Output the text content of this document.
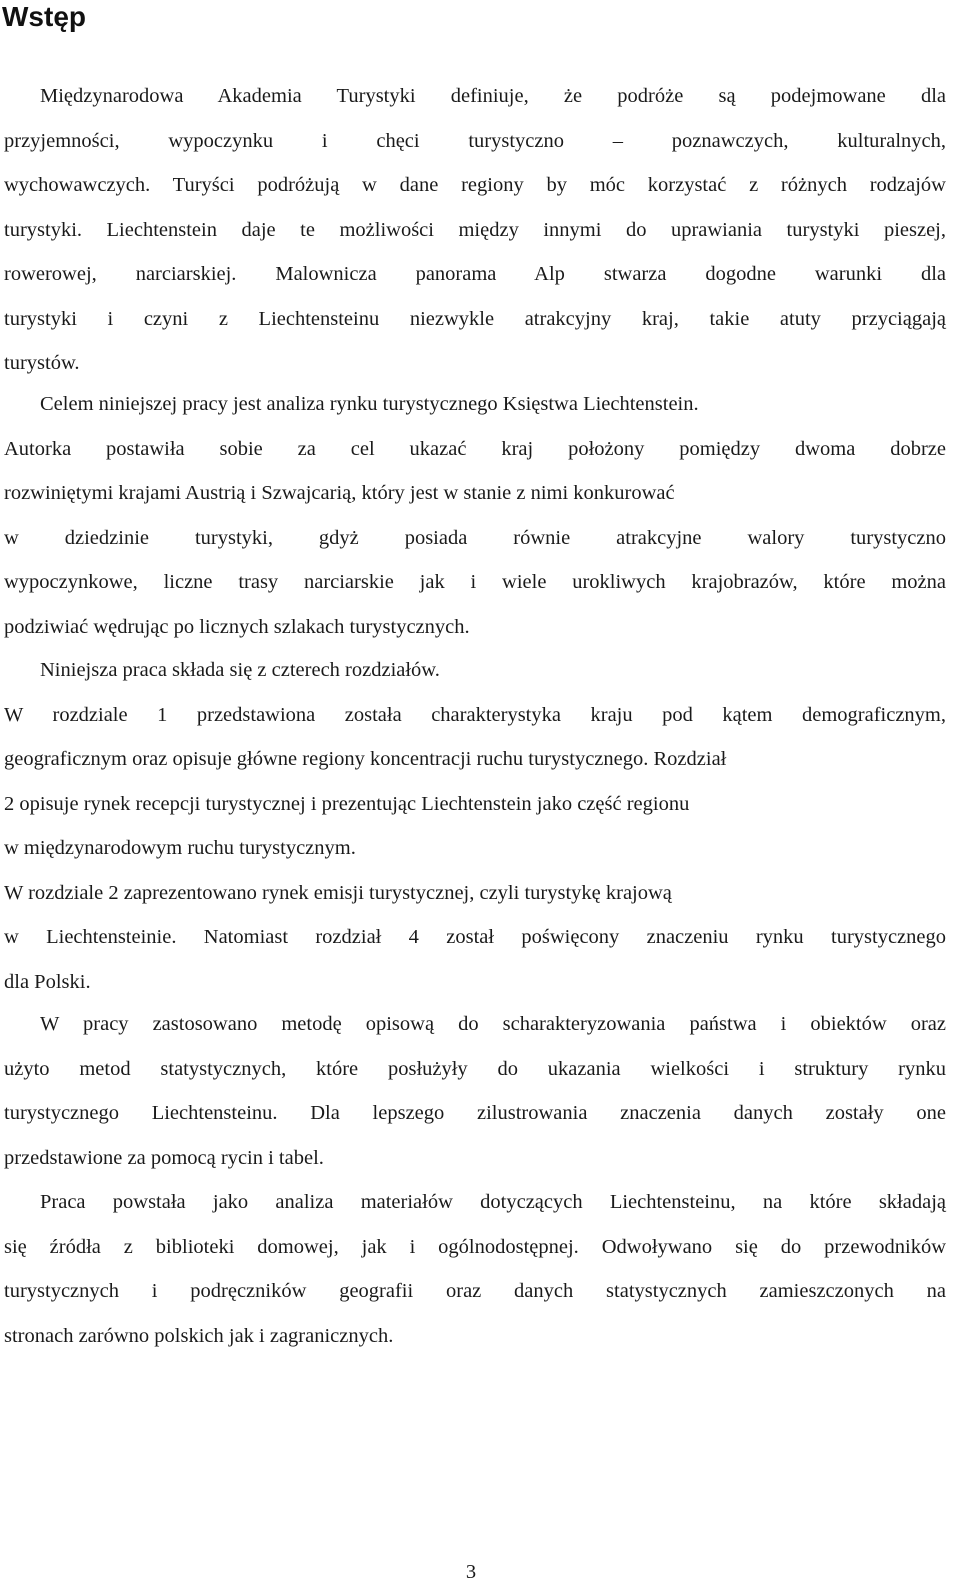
Wstęp

Międzynarodowa Akademia Turystyki definiuje, że podróże są podejmowane dla
przyjemności, wypoczynku i chęci turystyczno – poznawczych, kulturalnych,
wychowawczych. Turyści podróżują w dane regiony by móc korzystać z różnych rodzajów
turystyki. Liechtenstein daje te możliwości między innymi do uprawiania turystyki pieszej,
rowerowej, narciarskiej. Malownicza panorama Alp stwarza dogodne warunki dla
turystyki i czyni z Liechtensteinu niezwykle atrakcyjny kraj, takie atuty przyciągają
turystów.

Celem niniejszej pracy jest analiza rynku turystycznego Księstwa Liechtenstein.
Autorka postawiła sobie za cel ukazać kraj położony pomiędzy dwoma dobrze
rozwiniętymi krajami Austrią i Szwajcarią, który jest w stanie z nimi konkurować
w dziedzinie turystyki, gdyż posiada równie atrakcyjne walory turystyczno
wypoczynkowe, liczne trasy narciarskie jak i wiele urokliwych krajobrazów, które można
podziwiać wędrując po licznych szlakach turystycznych.

Niniejsza praca składa się z czterech rozdziałów.
W rozdziale 1 przedstawiona została charakterystyka kraju pod kątem demograficznym,
geograficznym oraz opisuje główne regiony koncentracji ruchu turystycznego. Rozdział
2 opisuje rynek recepcji turystycznej i prezentując Liechtenstein jako część regionu
w międzynarodowym ruchu turystycznym.
W rozdziale 2 zaprezentowano rynek emisji turystycznej, czyli turystykę krajową
w Liechtensteinie. Natomiast rozdział 4 został poświęcony znaczeniu rynku turystycznego
dla Polski.

W pracy zastosowano metodę opisową do scharakteryzowania państwa i obiektów oraz
użyto metod statystycznych, które posłużyły do ukazania wielkości i struktury rynku
turystycznego Liechtensteinu. Dla lepszego zilustrowania znaczenia danych zostały one
przedstawione za pomocą rycin i tabel.

Praca powstała jako analiza materiałów dotyczących Liechtensteinu, na które składają
się źródła z biblioteki domowej, jak i ogólnodostępnej. Odwoływano się do przewodników
turystycznych i podręczników geografii oraz danych statystycznych zamieszczonych na
stronach zarówno polskich jak i zagranicznych.

3
